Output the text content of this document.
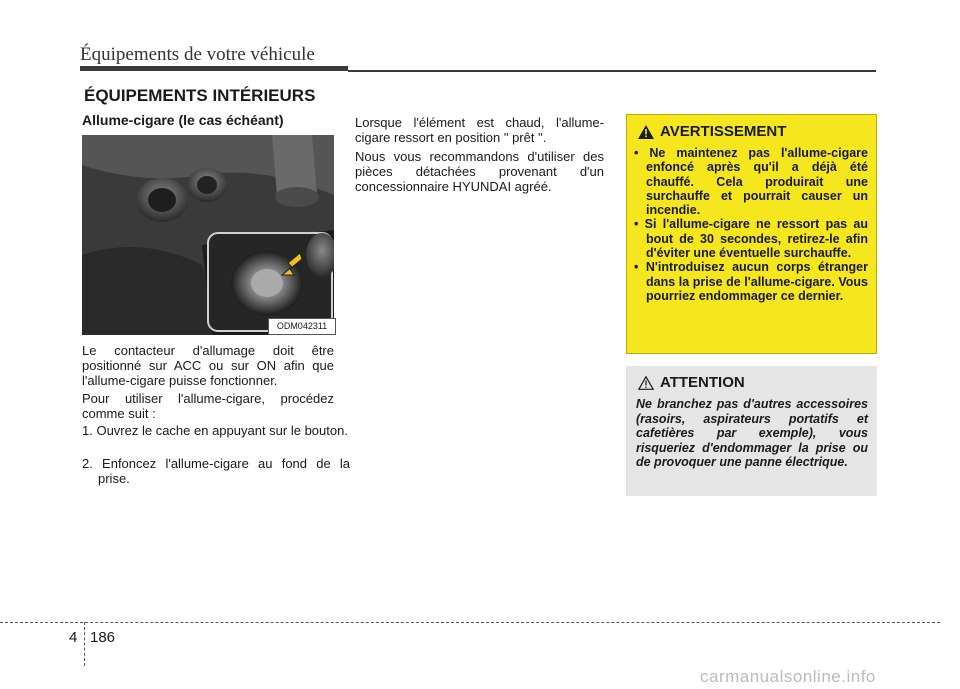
Équipements de votre véhicule
ÉQUIPEMENTS INTÉRIEURS
Allume-cigare (le cas échéant)
ODM042311
Le contacteur d'allumage doit être positionné sur ACC ou sur ON afin que l'allume-cigare puisse fonctionner.
Pour utiliser l'allume-cigare, procédez comme suit :
1. Ouvrez le cache en appuyant sur le bouton.
2. Enfoncez l'allume-cigare au fond de la prise.
Lorsque l'élément est chaud, l'allume-cigare ressort en position " prêt ".
Nous vous recommandons d'utiliser des pièces détachées provenant d'un concessionnaire HYUNDAI agréé.
AVERTISSEMENT
• Ne maintenez pas l'allume-cigare enfoncé après qu'il a déjà été chauffé. Cela produirait une surchauffe et pourrait causer un incendie.
• Si l'allume-cigare ne ressort pas au bout de 30 secondes, retirez-le afin d'éviter une éventuelle surchauffe.
• N'introduisez aucun corps étranger dans la prise de l'allume-cigare. Vous pourriez endommager ce dernier.
ATTENTION
Ne branchez pas d'autres accessoires (rasoirs, aspirateurs portatifs et cafetières par exemple), vous risqueriez d'endommager la prise ou de provoquer une panne électrique.
4 186
carmanualsonline.info
